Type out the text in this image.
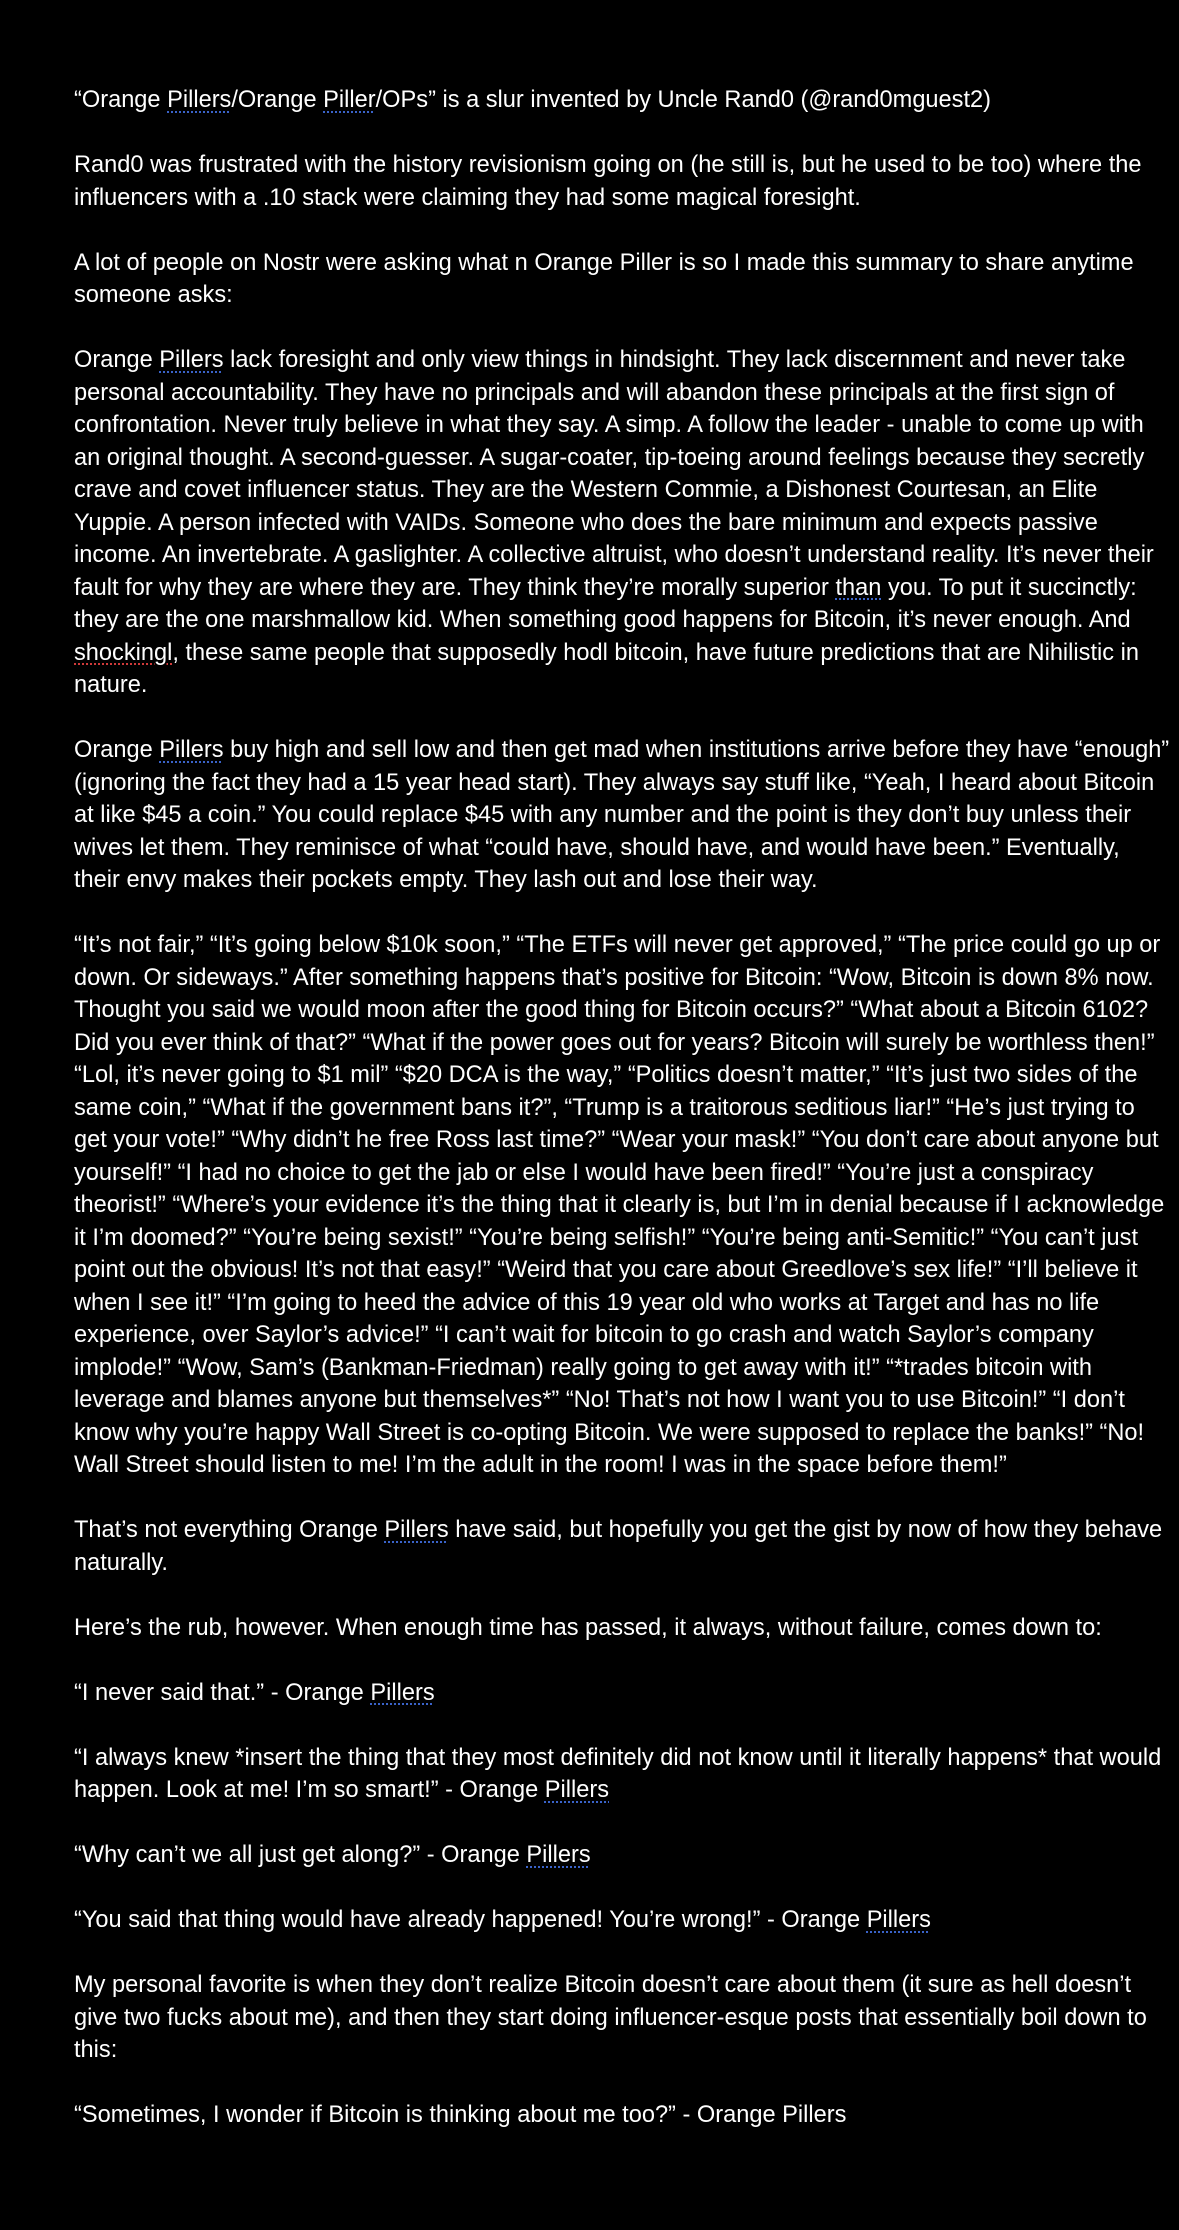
“Orange Pillers/Orange Piller/OPs” is a slur invented by Uncle Rand0 (@rand0mguest2)

Rand0 was frustrated with the history revisionism going on (he still is, but he used to be too) where the influencers with a .10 stack were claiming they had some magical foresight.

A lot of people on Nostr were asking what n Orange Piller is so I made this summary to share anytime someone asks:

Orange Pillers lack foresight and only view things in hindsight. They lack discernment and never take personal accountability. They have no principals and will abandon these principals at the first sign of confrontation. Never truly believe in what they say. A simp. A follow the leader - unable to come up with an original thought. A second-guesser. A sugar-coater, tip-toeing around feelings because they secretly crave and covet influencer status. They are the Western Commie, a Dishonest Courtesan, an Elite Yuppie. A person infected with VAIDs. Someone who does the bare minimum and expects passive income. An invertebrate. A gaslighter. A collective altruist, who doesn’t understand reality. It’s never their fault for why they are where they are. They think they’re morally superior than you. To put it succinctly: they are the one marshmallow kid. When something good happens for Bitcoin, it’s never enough. And shockingl, these same people that supposedly hodl bitcoin, have future predictions that are Nihilistic in nature.

Orange Pillers buy high and sell low and then get mad when institutions arrive before they have “enough” (ignoring the fact they had a 15 year head start). They always say stuff like, “Yeah, I heard about Bitcoin at like $45 a coin.” You could replace $45 with any number and the point is they don’t buy unless their wives let them. They reminisce of what “could have, should have, and would have been.” Eventually, their envy makes their pockets empty. They lash out and lose their way.

“It’s not fair,” “It’s going below $10k soon,” “The ETFs will never get approved,” “The price could go up or down. Or sideways.” After something happens that’s positive for Bitcoin: “Wow, Bitcoin is down 8% now. Thought you said we would moon after the good thing for Bitcoin occurs?” “What about a Bitcoin 6102? Did you ever think of that?” “What if the power goes out for years? Bitcoin will surely be worthless then!” “Lol, it’s never going to $1 mil” “$20 DCA is the way,” “Politics doesn’t matter,” “It’s just two sides of the same coin,” “What if the government bans it?”, “Trump is a traitorous seditious liar!” “He’s just trying to get your vote!” “Why didn’t he free Ross last time?” “Wear your mask!” “You don’t care about anyone but yourself!” “I had no choice to get the jab or else I would have been fired!” “You’re just a conspiracy theorist!” “Where’s your evidence it’s the thing that it clearly is, but I’m in denial because if I acknowledge it I’m doomed?” “You’re being sexist!” “You’re being selfish!” “You’re being anti-Semitic!” “You can’t just point out the obvious! It’s not that easy!” “Weird that you care about Greedlove’s sex life!” “I’ll believe it when I see it!” “I’m going to heed the advice of this 19 year old who works at Target and has no life experience, over Saylor’s advice!” “I can’t wait for bitcoin to go crash and watch Saylor’s company implode!” “Wow, Sam’s (Bankman-Friedman) really going to get away with it!” “*trades bitcoin with leverage and blames anyone but themselves*” “No! That’s not how I want you to use Bitcoin!” “I don’t know why you’re happy Wall Street is co-opting Bitcoin. We were supposed to replace the banks!” “No! Wall Street should listen to me! I’m the adult in the room! I was in the space before them!”

That’s not everything Orange Pillers have said, but hopefully you get the gist by now of how they behave naturally.

Here’s the rub, however. When enough time has passed, it always, without failure, comes down to:

“I never said that.” - Orange Pillers

“I always knew *insert the thing that they most definitely did not know until it literally happens* that would happen. Look at me! I’m so smart!” - Orange Pillers

“Why can’t we all just get along?” - Orange Pillers

“You said that thing would have already happened! You’re wrong!” - Orange Pillers

My personal favorite is when they don’t realize Bitcoin doesn’t care about them (it sure as hell doesn’t give two fucks about me), and then they start doing influencer-esque posts that essentially boil down to this:

“Sometimes, I wonder if Bitcoin is thinking about me too?” - Orange Pillers
